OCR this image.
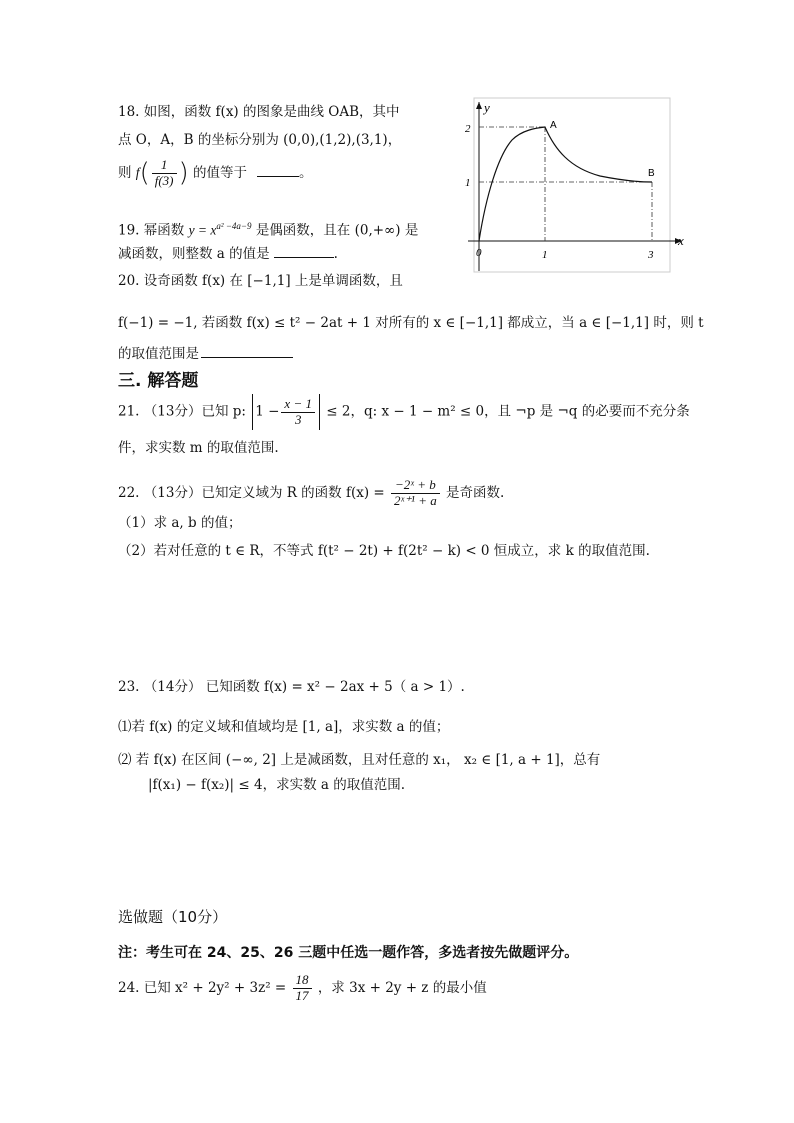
18. 如图，函数 f(x) 的图象是曲线 OAB，其中
点 O，A，B 的坐标分别为 (0,0),(1,2),(3,1)，
则 $f( \frac{1}{f(3)}$ ) 的值等于	。
19. 幂函数 $y = x^{a^2 -4a-9}$ 是偶函数，且在 (0,+∞) 是
减函数，则整数 a 的值是	.
20. 设奇函数 f(x) 在 [−1,1] 上是单调函数，且
f(−1) = −1, 若函数 f(x) ≤ t² − 2at + 1 对所有的 x ∈ [−1,1] 都成立，当 a ∈ [−1,1] 时，则 t
的取值范围是
三. 解答题
21. （13分）已知 p: $1 - \frac{x - 1}{3} \le 2$，q: x − 1 − m² ≤ 0，且 ¬p 是 ¬q 的必要而不充分条
件，求实数 m 的取值范围.
22. （13分）已知定义域为 R 的函数 $f(x) = \frac{\text{−2ˣ + b}}{\text{2ˣ⁺¹ + a}}$ 是奇函数.
（1）求 a, b 的值；
（2）若对任意的 t ∈ R，不等式 f(t² − 2t) + f(2t² − k) < 0 恒成立，求 k 的取值范围.
23. （14分） 已知函数 f(x) = x² − 2ax + 5（ a > 1）.
⑴若 f(x) 的定义域和值域均是 [1, a]，求实数 a 的值；
⑵ 若 f(x) 在区间 (−∞, 2] 上是减函数，且对任意的 x₁， x₂ ∈ [1, a + 1]，总有
|f(x₁) − f(x₂)| ≤ 4，求实数 a 的取值范围.
选做题（10分）
注：考生可在 24、25、26 三题中任选一题作答，多选者按先做题评分。
24. 已知 $x^2 + 2y^2 + 3z^2 = \frac{18}{17}$ ，求 3x + 2y + z 的最小值
y
x
0	1	3
2
1
A
B
